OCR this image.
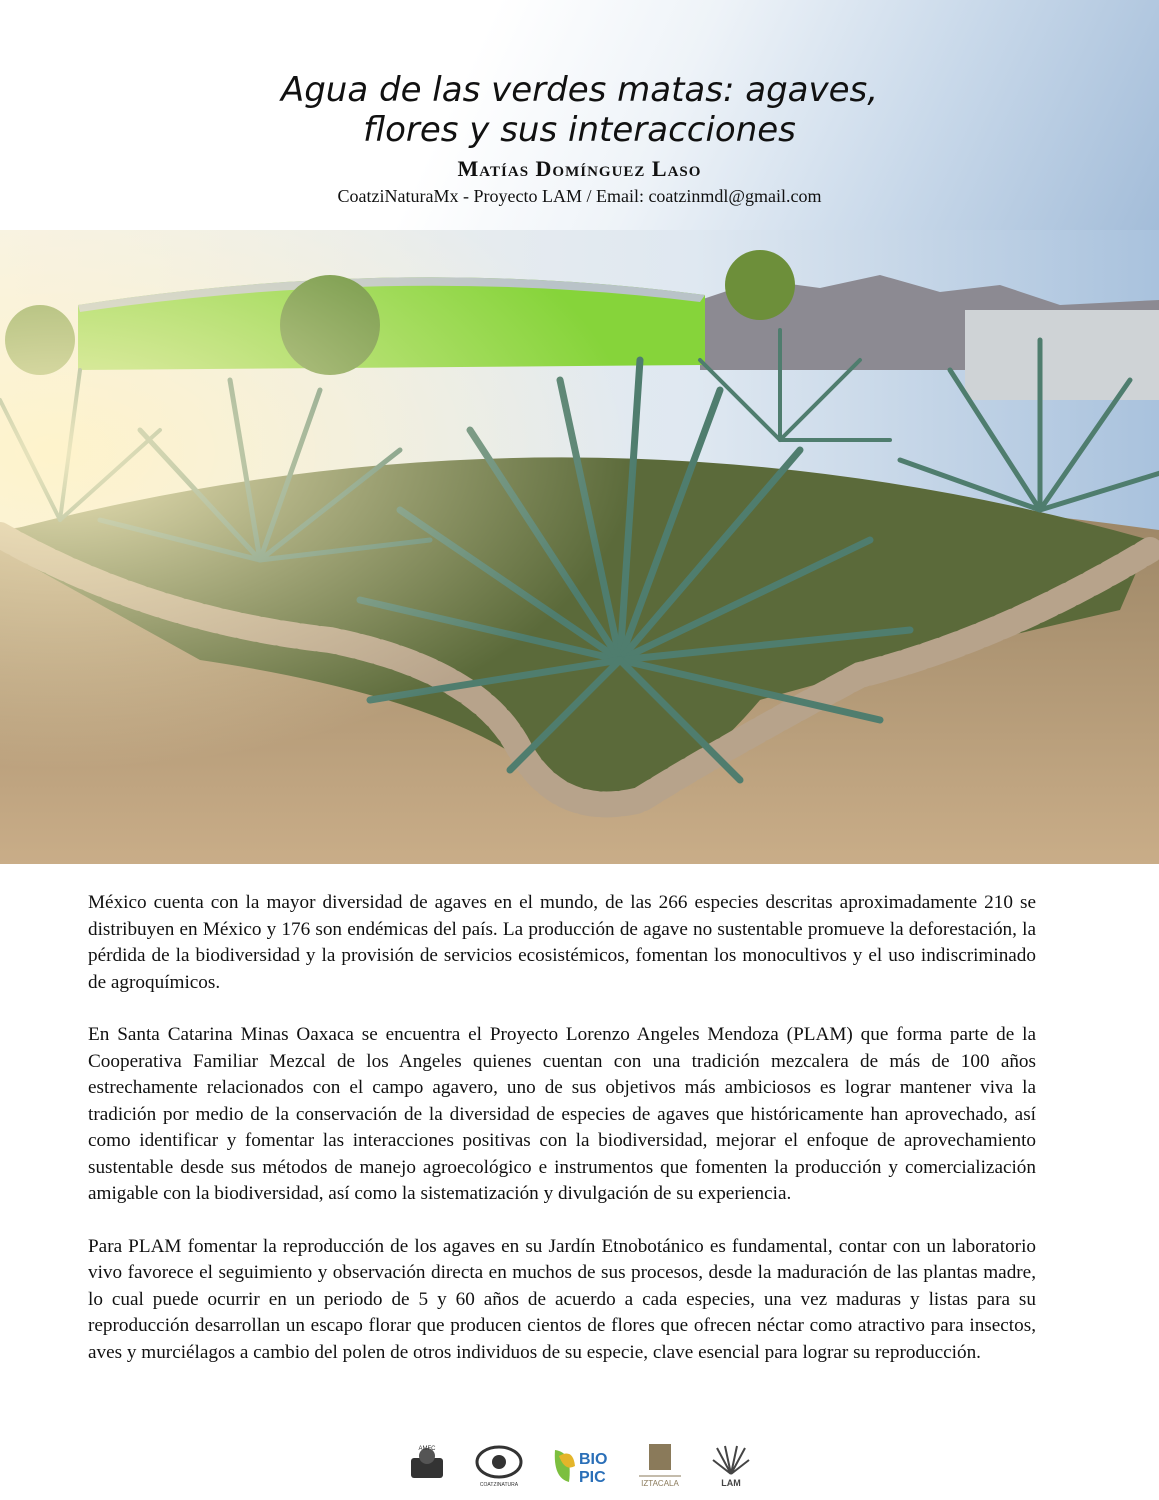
Agua de las verdes matas: agaves,
flores y sus interacciones
Matías Domínguez Laso
CoatziNaturaMx - Proyecto LAM / Email: coatzinmdl@gmail.com

México cuenta con la mayor diversidad de agaves en el mundo, de las 266 especies descritas aproximadamente 210 se distribuyen en México y 176 son endémicas del país. La producción de agave no sustentable promueve la deforestación, la pérdida de la biodiversidad y la provisión de servicios ecosistémicos, fomentan los monocultivos y el uso indiscriminado de agroquímicos.

En Santa Catarina Minas Oaxaca se encuentra el Proyecto Lorenzo Angeles Mendoza (PLAM) que forma parte de la Cooperativa Familiar Mezcal de los Angeles quienes cuentan con una tradición mezcalera de más de 100 años estrechamente relacionados con el campo agavero, uno de sus objetivos más ambiciosos es lograr mantener viva la tradición por medio de la conservación de la diversidad de especies de agaves que históricamente han aprovechado, así como identificar y fomentar las interacciones positivas con la biodiversidad, mejorar el enfoque de aprovechamiento sustentable desde sus métodos de manejo agroecológico e instrumentos que fomenten la producción y comercialización amigable con la biodiversidad, así como la sistematización y divulgación de su experiencia.

Para PLAM fomentar la reproducción de los agaves en su Jardín Etnobotánico es fundamental, contar con un laboratorio vivo favorece el seguimiento y observación directa en muchos de sus procesos, desde la maduración de las plantas madre, lo cual puede ocurrir en un periodo de 5 y 60 años de acuerdo a cada especies, una vez maduras y listas para su reproducción desarrollan un escapo florar que producen cientos de flores que ofrecen néctar como atractivo para insectos, aves y murciélagos a cambio del polen de otros individuos de su especie, clave esencial para lograr su reproducción.

AMFC
COATZINATURA
BIO
PIC	IZTACALA	LAM
